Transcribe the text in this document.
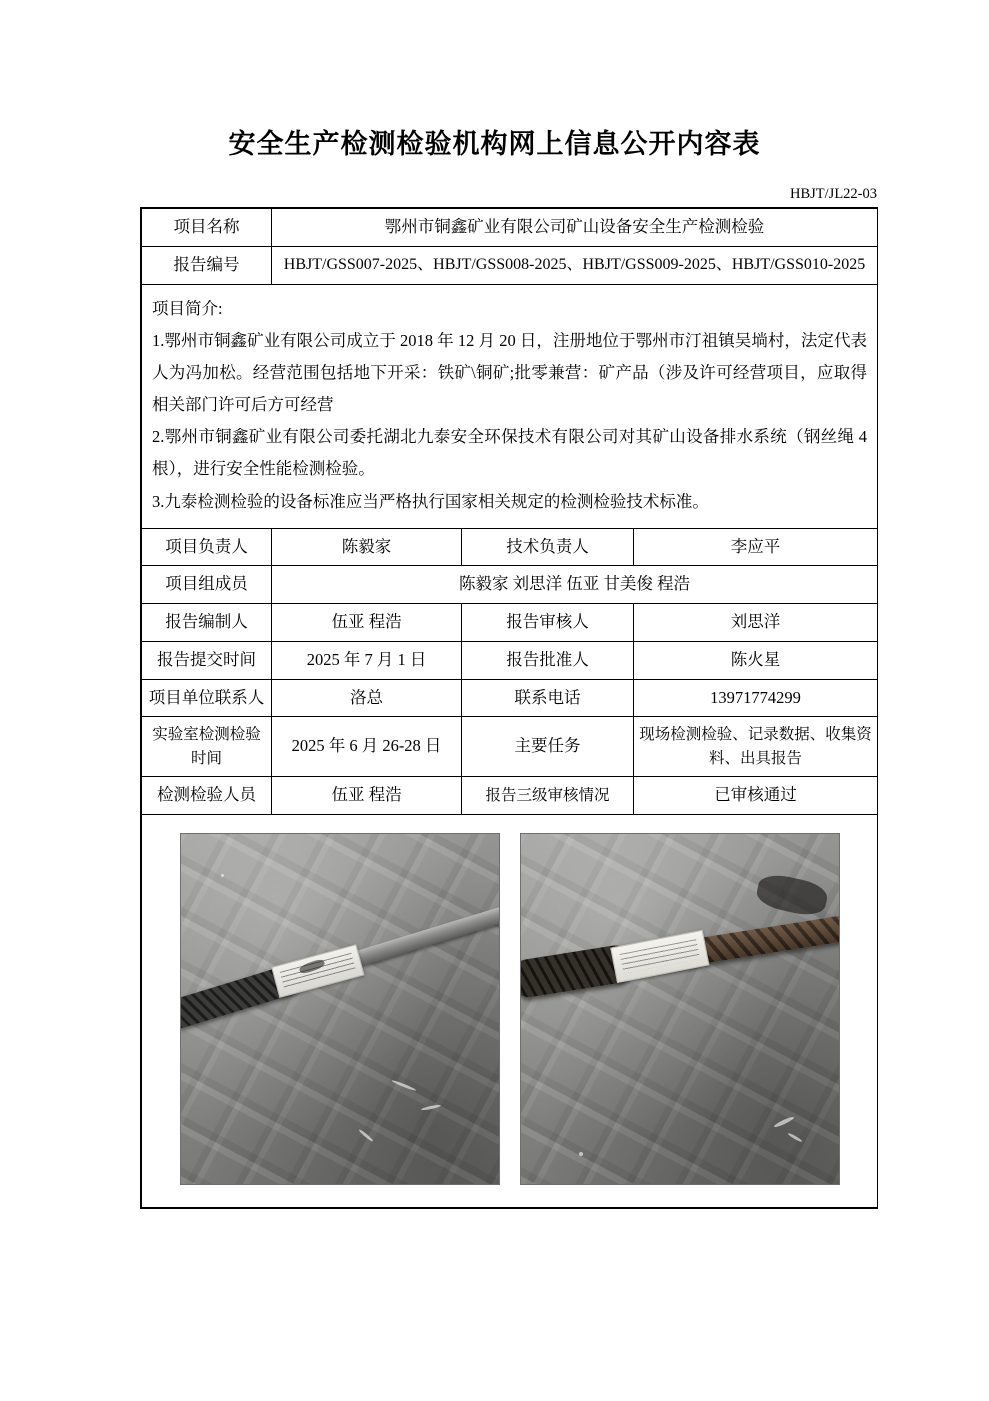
安全生产检测检验机构网上信息公开内容表
HBJT/JL22-03
项目名称	鄂州市铜鑫矿业有限公司矿山设备安全生产检测检验		
报告编号	HBJT/GSS007-2025、HBJT/GSS008-2025、HBJT/GSS009-2025、HBJT/GSS010-2025		

项目简介:

1.鄂州市铜鑫矿业有限公司成立于 2018 年 12 月 20 日，注册地位于鄂州市汀祖镇吴埫村，法定代表人为冯加松。经营范围包括地下开采：铁矿\铜矿;批零兼营：矿产品（涉及许可经营项目，应取得相关部门许可后方可经营

2.鄂州市铜鑫矿业有限公司委托湖北九泰安全环保技术有限公司对其矿山设备排水系统（钢丝绳 4 根），进行安全性能检测检验。

3.九泰检测检验的设备标准应当严格执行国家相关规定的检测检验技术标准。			

项目负责人	陈毅家	技术负责人	李应平
项目组成员	陈毅家 刘思洋 伍亚 甘美俊 程浩		
报告编制人	伍亚 程浩	报告审核人	刘思洋
报告提交时间	2025 年 7 月 1 日	报告批准人	陈火星
项目单位联系人	洛总	联系电话	13971774299
实验室检测检验时间	2025 年 6 月 26-28 日	主要任务	现场检测检验、记录数据、收集资料、出具报告
检测检验人员	伍亚 程浩	报告三级审核情况	已审核通过
